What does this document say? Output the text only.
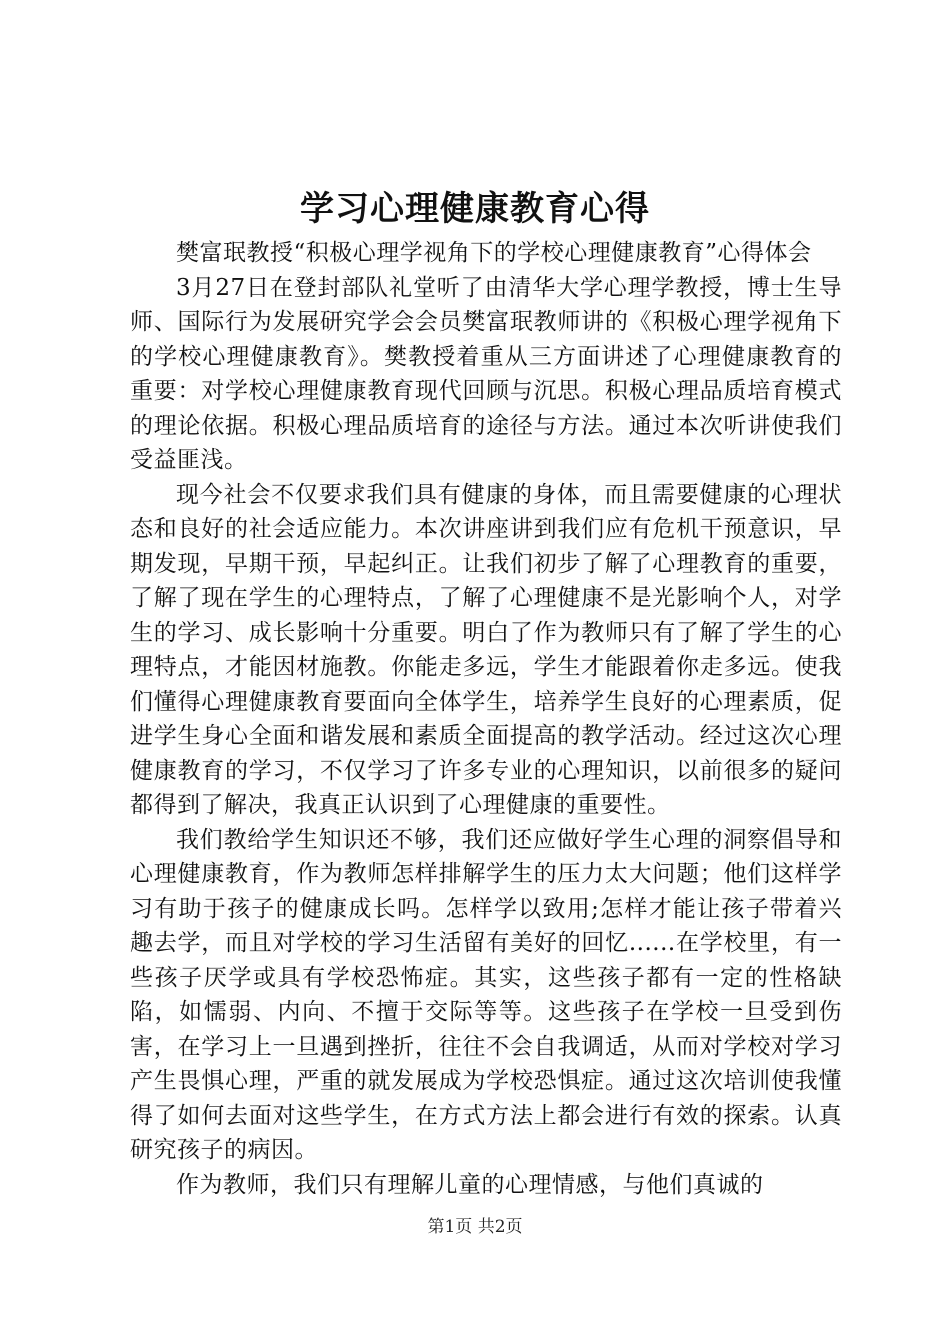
学习心理健康教育心得

樊富珉教授“积极心理学视角下的学校心理健康教育”心得体会

3月27日在登封部队礼堂听了由清华大学心理学教授，博士生导师、国际行为发展研究学会会员樊富珉教师讲的《积极心理学视角下的学校心理健康教育》。樊教授着重从三方面讲述了心理健康教育的重要：对学校心理健康教育现代回顾与沉思。积极心理品质培育模式的理论依据。积极心理品质培育的途径与方法。通过本次听讲使我们受益匪浅。

现今社会不仅要求我们具有健康的身体，而且需要健康的心理状态和良好的社会适应能力。本次讲座讲到我们应有危机干预意识，早期发现，早期干预，早起纠正。让我们初步了解了心理教育的重要，了解了现在学生的心理特点，了解了心理健康不是光影响个人，对学生的学习、成长影响十分重要。明白了作为教师只有了解了学生的心理特点，才能因材施教。你能走多远，学生才能跟着你走多远。使我们懂得心理健康教育要面向全体学生，培养学生良好的心理素质，促进学生身心全面和谐发展和素质全面提高的教学活动。经过这次心理健康教育的学习，不仅学习了许多专业的心理知识，以前很多的疑问都得到了解决，我真正认识到了心理健康的重要性。

我们教给学生知识还不够，我们还应做好学生心理的洞察倡导和心理健康教育，作为教师怎样排解学生的压力太大问题；他们这样学习有助于孩子的健康成长吗。怎样学以致用;怎样才能让孩子带着兴趣去学，而且对学校的学习生活留有美好的回忆......在学校里，有一些孩子厌学或具有学校恐怖症。其实，这些孩子都有一定的性格缺陷，如懦弱、内向、不擅于交际等等。这些孩子在学校一旦受到伤害，在学习上一旦遇到挫折，往往不会自我调适，从而对学校对学习产生畏惧心理，严重的就发展成为学校恐惧症。通过这次培训使我懂得了如何去面对这些学生，在方式方法上都会进行有效的探索。认真研究孩子的病因。

作为教师，我们只有理解儿童的心理情感，与他们真诚的

第1页 共2页
